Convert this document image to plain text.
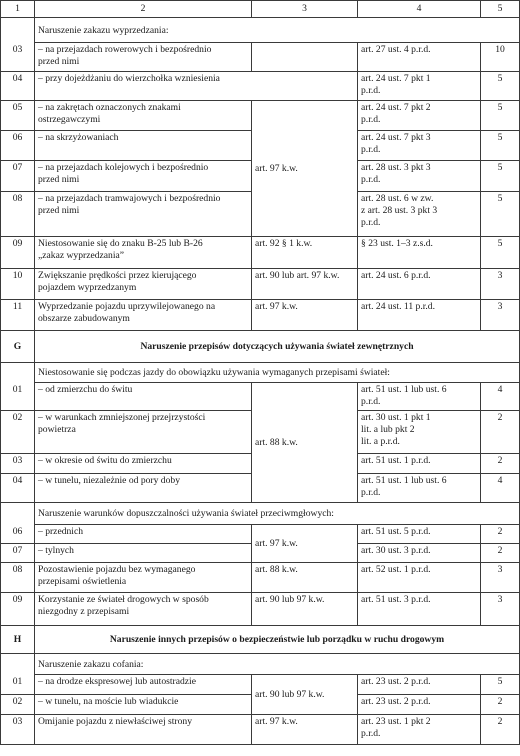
1	2	3	4	5
	Naruszenie zakazu wyprzedzania:			
03	– na przejazdach rowerowych i bezpośrednio
przed nimi		art. 27 ust. 4 p.r.d.	10
04	– przy dojeżdżaniu do wierzchołka wzniesienia		art. 24 ust. 7 pkt 1
p.r.d.	5
05	– na zakrętach oznaczonych znakami
ostrzegawczymi	art. 97 k.w.	art. 24 ust. 7 pkt 2
p.r.d.	5
06	– na skrzyżowaniach		art. 24 ust. 7 pkt 3
p.r.d.	5
07	– na przejazdach kolejowych i bezpośrednio
przed nimi		art. 28 ust. 3 pkt 3
p.r.d.	5
08	– na przejazdach tramwajowych i bezpośrednio
przed nimi		art. 28 ust. 6 w zw.
z art. 28 ust. 3 pkt 3
p.r.d.	5
09	Niestosowanie się do znaku B-25 lub B-26
„zakaz wyprzedzania”	art. 92 § 1 k.w.	§ 23 ust. 1–3 z.s.d.	5
10	Zwiększanie prędkości przez kierującego
pojazdem wyprzedzanym	art. 90 lub art. 97 k.w.	art. 24 ust. 6 p.r.d.	3
11	Wyprzedzanie pojazdu uprzywilejowanego na
obszarze zabudowanym	art. 97 k.w.	art. 24 ust. 11 p.r.d.	3
G	Naruszenie przepisów dotyczących używania świateł zewnętrznych			
	Niestosowanie się podczas jazdy do obowiązku używania wymaganych przepisami świateł:			
01	– od zmierzchu do świtu	art. 88 k.w.	art. 51 ust. 1 lub ust. 6
p.r.d.	4
02	– w warunkach zmniejszonej przejrzystości
powietrza		art. 30 ust. 1 pkt 1
lit. a lub pkt 2
lit. a p.r.d.	2
03	– w okresie od świtu do zmierzchu		art. 51 ust. 1 p.r.d.	2
04	– w tunelu, niezależnie od pory doby		art. 51 ust. 1 lub ust. 6
p.r.d.	4
	Naruszenie warunków dopuszczalności używania świateł przeciwmgłowych:			
06	– przednich	art. 97 k.w.	art. 51 ust. 5 p.r.d.	2
07	– tylnych		art. 30 ust. 3 p.r.d.	2
08	Pozostawienie pojazdu bez wymaganego
przepisami oświetlenia	art. 88 k.w.	art. 52 ust. 1 p.r.d.	3
09	Korzystanie ze świateł drogowych w sposób
niezgodny z przepisami	art. 90 lub 97 k.w.	art. 51 ust. 3 p.r.d.	3
H	Naruszenie innych przepisów o bezpieczeństwie lub porządku w ruchu drogowym			
	Naruszenie zakazu cofania:			
01	– na drodze ekspresowej lub autostradzie	art. 90 lub 97 k.w.	art. 23 ust. 2 p.r.d.	5
02	– w tunelu, na moście lub wiadukcie		art. 23 ust. 2 p.r.d.	2
03	Omijanie pojazdu z niewłaściwej strony	art. 97 k.w.	art. 23 ust. 1 pkt 2
p.r.d.	2
